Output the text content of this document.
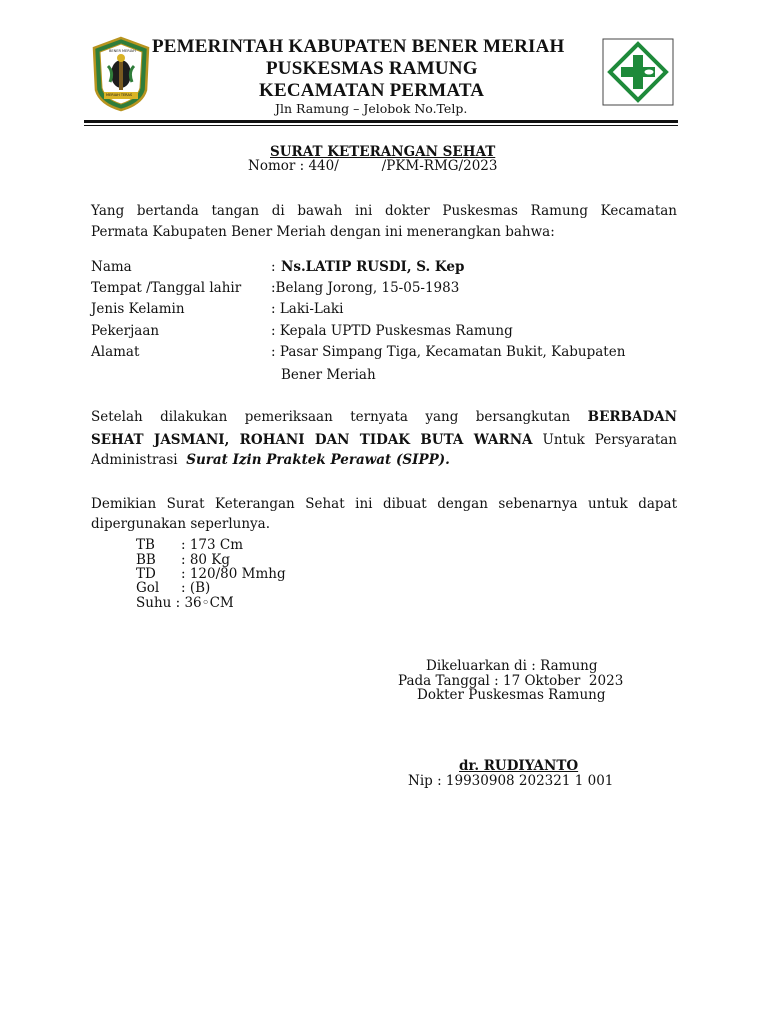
BENER MERIAH
MERIAH TERAS
PEMERINTAH KABUPATEN BENER MERIAH
PUSKESMAS RAMUNG
KECAMATAN PERMATA
Jln Ramung – Jelobok No.Telp.
SURAT KETERANGAN SEHAT
Nomor : 440/          /PKM-RMG/2023
Yang bertanda tangan di bawah ini dokter Puskesmas Ramung Kecamatan
Permata Kabupaten Bener Meriah dengan ini menerangkan bahwa:
Nama	: Ns.LATIP RUSDI, S. Kep
Tempat /Tanggal lahir :Belang Jorong, 15-05-1983
Jenis Kelamin	: Laki-Laki
Pekerjaan	: Kepala UPTD Puskesmas Ramung
Alamat	: Pasar Simpang Tiga, Kecamatan Bukit, Kabupaten
Bener Meriah
Setelah dilakukan pemeriksaan ternyata yang bersangkutan BERBADAN
SEHAT JASMANI, ROHANI DAN TIDAK BUTA WARNA Untuk Persyaratan
Administrasi Surat Izin Praktek Perawat (SIPP).
Demikian Surat Keterangan Sehat ini dibuat dengan sebenarnya untuk dapat
dipergunakan seperlunya.
TB : 173 Cm
BB : 80 Kg
TD : 120/80 Mmhg
Gol : (B)
Suhu : 36◦CM
Dikeluarkan di : Ramung
Pada Tanggal : 17 Oktober  2023
Dokter Puskesmas Ramung
dr. RUDIYANTO
Nip : 19930908 202321 1 001
